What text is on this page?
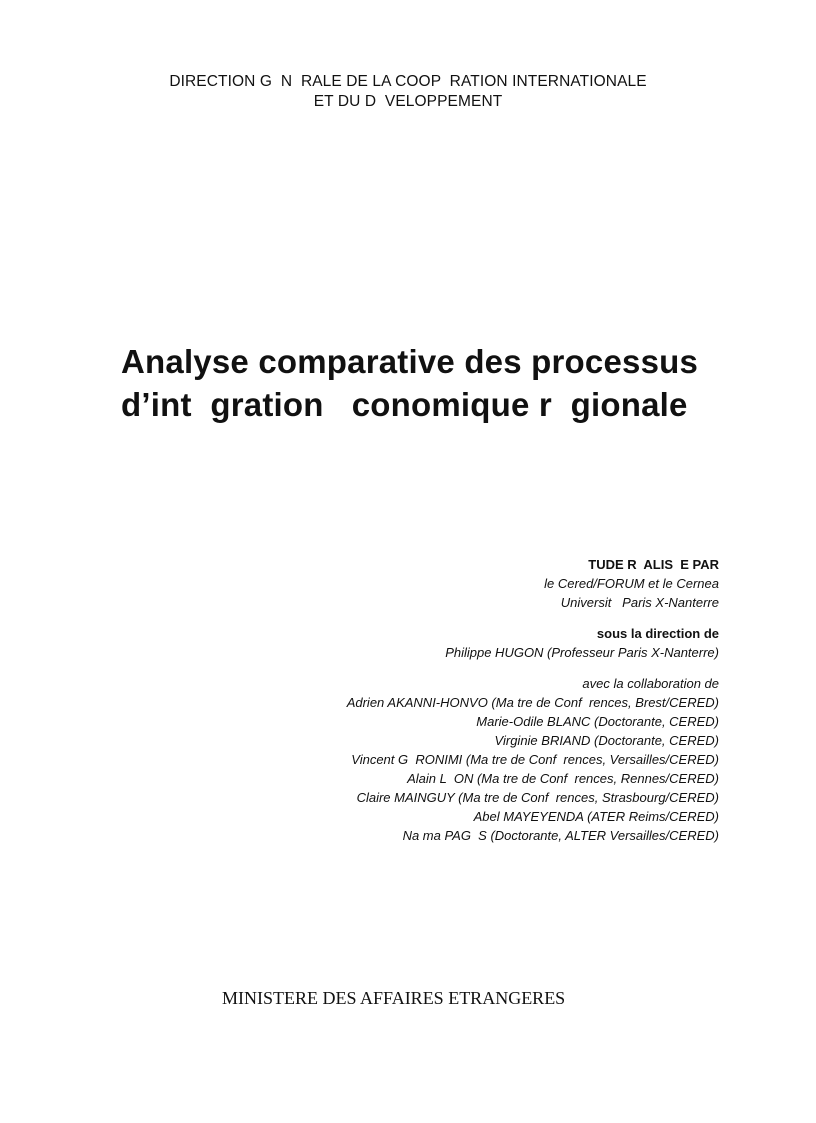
DIRECTION G  N  RALE DE LA COOP  RATION INTERNATIONALE
ET DU D  VELOPPEMENT
Analyse comparative des processus
d’int  gration   conomique r  gionale
TUDE R  ALIS  E PAR
le Cered/FORUM et le Cernea
Universit   Paris X-Nanterre
sous la direction de
Philippe HUGON (Professeur Paris X-Nanterre)
avec la collaboration de
Adrien AKANNI-HONVO (Ma tre de Conf  rences, Brest/CERED)
Marie-Odile BLANC (Doctorante, CERED)
Virginie BRIAND (Doctorante, CERED)
Vincent G  RONIMI (Ma tre de Conf  rences, Versailles/CERED)
Alain L  ON (Ma tre de Conf  rences, Rennes/CERED)
Claire MAINGUY (Ma tre de Conf  rences, Strasbourg/CERED)
Abel MAYEYENDA (ATER Reims/CERED)
Na ma PAG  S (Doctorante, ALTER Versailles/CERED)
MINISTERE DES AFFAIRES ETRANGERES
